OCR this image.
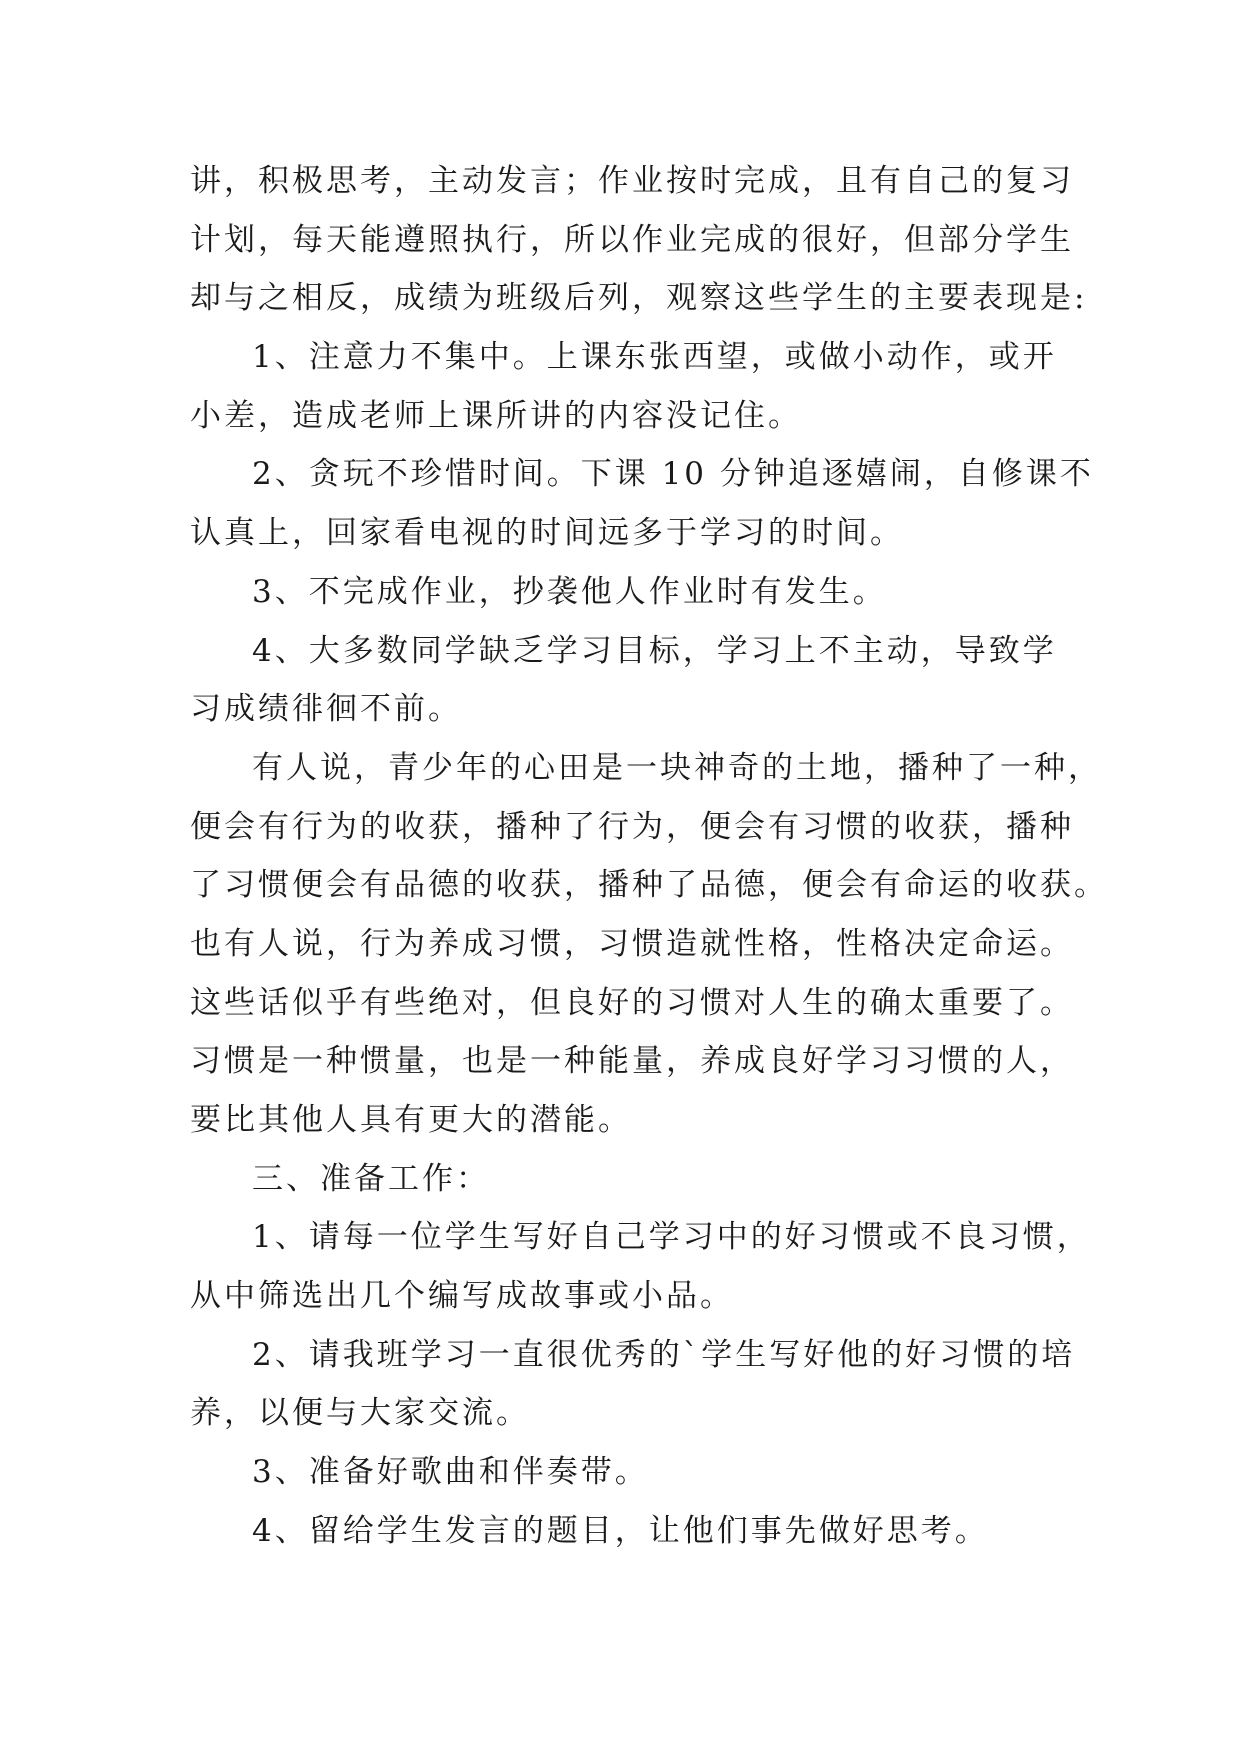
讲，积极思考，主动发言；作业按时完成，且有自己的复习
计划，每天能遵照执行，所以作业完成的很好，但部分学生
却与之相反，成绩为班级后列，观察这些学生的主要表现是:
1、注意力不集中。上课东张西望，或做小动作，或开
小差，造成老师上课所讲的内容没记住。
2、贪玩不珍惜时间。下课 10 分钟追逐嬉闹，自修课不
认真上，回家看电视的时间远多于学习的时间。
3、不完成作业，抄袭他人作业时有发生。
4、大多数同学缺乏学习目标，学习上不主动，导致学
习成绩徘徊不前。
有人说，青少年的心田是一块神奇的土地，播种了一种，
便会有行为的收获，播种了行为，便会有习惯的收获，播种
了习惯便会有品德的收获，播种了品德，便会有命运的收获。
也有人说，行为养成习惯，习惯造就性格，性格决定命运。
这些话似乎有些绝对，但良好的习惯对人生的确太重要了。
习惯是一种惯量，也是一种能量，养成良好学习习惯的人，
要比其他人具有更大的潜能。
三、准备工作：
1、请每一位学生写好自己学习中的好习惯或不良习惯，
从中筛选出几个编写成故事或小品。
2、请我班学习一直很优秀的`学生写好他的好习惯的培
养，以便与大家交流。
3、准备好歌曲和伴奏带。
4、留给学生发言的题目，让他们事先做好思考。
